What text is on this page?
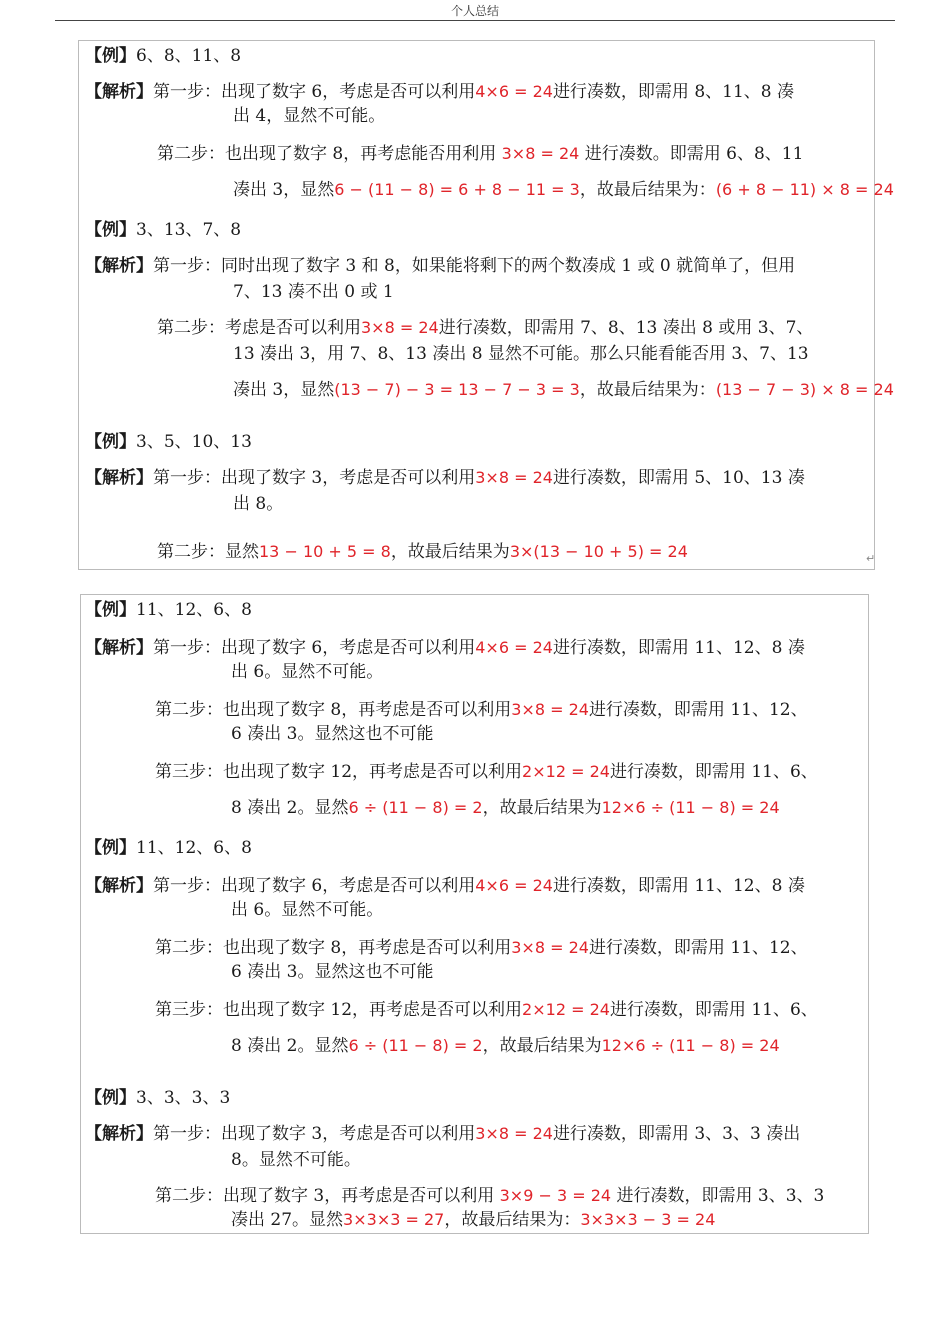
个人总结
【例】6、8、11、8
【解析】第一步：出现了数字 6，考虑是否可以利用4×6 = 24进行凑数，即需用 8、11、8 凑
出 4，显然不可能。
第二步：也出现了数字 8，再考虑能否用利用 3×8 = 24 进行凑数。即需用 6、8、11
凑出 3，显然6 − (11 − 8) = 6 + 8 − 11 = 3，故最后结果为：(6 + 8 − 11) × 8 = 24
【例】3、13、7、8
【解析】第一步：同时出现了数字 3 和 8，如果能将剩下的两个数凑成 1 或 0 就简单了，但用
7、13 凑不出 0 或 1
第二步：考虑是否可以利用3×8 = 24进行凑数，即需用 7、8、13 凑出 8 或用 3、7、
13 凑出 3，用 7、8、13 凑出 8 显然不可能。那么只能看能否用 3、7、13
凑出 3，显然(13 − 7) − 3 = 13 − 7 − 3 = 3，故最后结果为：(13 − 7 − 3) × 8 = 24
【例】3、5、10、13
【解析】第一步：出现了数字 3，考虑是否可以利用3×8 = 24进行凑数，即需用 5、10、13 凑
出 8。
第二步：显然13 − 10 + 5 = 8，故最后结果为3×(13 − 10 + 5) = 24	↵
【例】11、12、6、8
【解析】第一步：出现了数字 6，考虑是否可以利用4×6 = 24进行凑数，即需用 11、12、8 凑
出 6。显然不可能。
第二步：也出现了数字 8，再考虑是否可以利用3×8 = 24进行凑数，即需用 11、12、
6 凑出 3。显然这也不可能
第三步：也出现了数字 12，再考虑是否可以利用2×12 = 24进行凑数，即需用 11、6、
8 凑出 2。显然6 ÷ (11 − 8) = 2，故最后结果为12×6 ÷ (11 − 8) = 24
【例】11、12、6、8
【解析】第一步：出现了数字 6，考虑是否可以利用4×6 = 24进行凑数，即需用 11、12、8 凑
出 6。显然不可能。
第二步：也出现了数字 8，再考虑是否可以利用3×8 = 24进行凑数，即需用 11、12、
6 凑出 3。显然这也不可能
第三步：也出现了数字 12，再考虑是否可以利用2×12 = 24进行凑数，即需用 11、6、
8 凑出 2。显然6 ÷ (11 − 8) = 2，故最后结果为12×6 ÷ (11 − 8) = 24
【例】3、3、3、3
【解析】第一步：出现了数字 3，考虑是否可以利用3×8 = 24进行凑数，即需用 3、3、3 凑出
8。显然不可能。
第二步：出现了数字 3，再考虑是否可以利用 3×9 − 3 = 24 进行凑数，即需用 3、3、3
凑出 27。显然3×3×3 = 27，故最后结果为：3×3×3 − 3 = 24
